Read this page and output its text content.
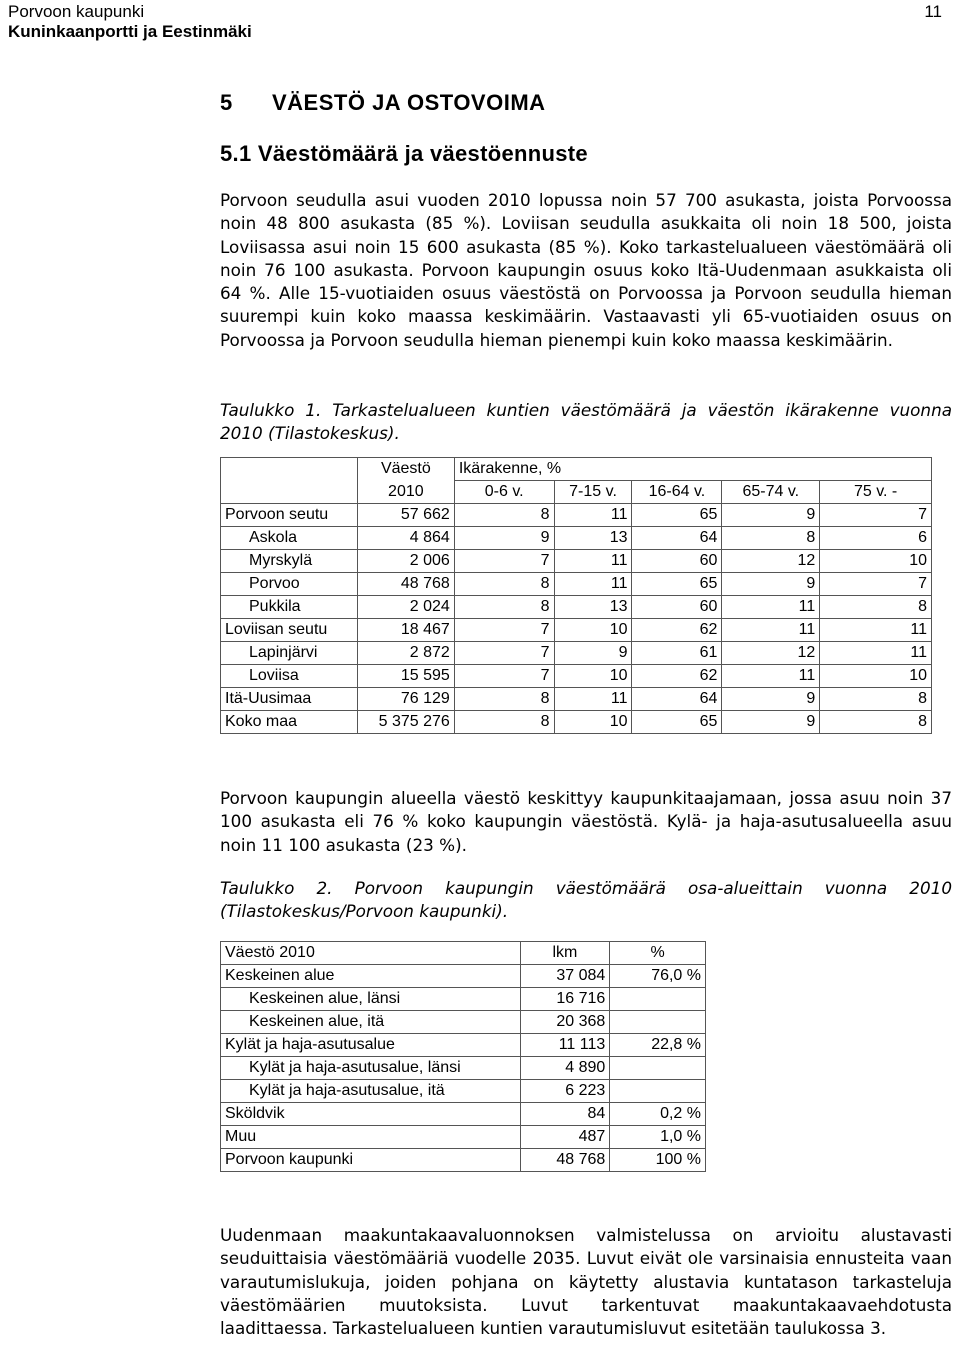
Porvoon kaupunki
Kuninkaanportti ja Eestinmäki
11
5 VÄESTÖ JA OSTOVOIMA
5.1 Väestömäärä ja väestöennuste

Porvoon seudulla asui vuoden 2010 lopussa noin 57 700 asukasta, joista Porvoossa noin 48 800 asukasta (85 %). Loviisan seudulla asukkaita oli noin 18 500, joista Loviisassa asui noin 15 600 asukasta (85 %). Koko tarkastelualueen väestömäärä oli noin 76 100 asukasta. Porvoon kaupungin osuus koko Itä-Uudenmaan asukkaista oli 64 %. Alle 15-vuotiaiden osuus väestöstä on Porvoossa ja Porvoon seudulla hieman suurempi kuin koko maassa keskimäärin. Vastaavasti yli 65-vuotiaiden osuus on Porvoossa ja Porvoon seudulla hieman pienempi kuin koko maassa keskimäärin.

Taulukko 1. Tarkastelualueen kuntien väestömäärä ja väestön ikärakenne vuonna 2010 (Tilastokeskus).

	Väestö	Ikärakenne, %				
	2010	0-6 v.	7-15 v.	16-64 v.	65-74 v.	75 v. -
Porvoon seutu	57 662	8	11	65	9	7
Askola	4 864	9	13	64	8	6
Myrskylä	2 006	7	11	60	12	10
Porvoo	48 768	8	11	65	9	7
Pukkila	2 024	8	13	60	11	8
Loviisan seutu	18 467	7	10	62	11	11
Lapinjärvi	2 872	7	9	61	12	11
Loviisa	15 595	7	10	62	11	10
Itä-Uusimaa	76 129	8	11	64	9	8
Koko maa	5 375 276	8	10	65	9	8

Porvoon kaupungin alueella väestö keskittyy kaupunkitaajamaan, jossa asuu noin 37 100 asukasta eli 76 % koko kaupungin väestöstä. Kylä- ja haja-asutusalueella asuu noin 11 100 asukasta (23 %).

Taulukko 2. Porvoon kaupungin väestömäärä osa-alueittain vuonna 2010 (Tilastokeskus/Porvoon kaupunki).

Väestö 2010	lkm	%
Keskeinen alue	37 084	76,0 %
Keskeinen alue, länsi	16 716	
Keskeinen alue, itä	20 368	
Kylät ja haja-asutusalue	11 113	22,8 %
Kylät ja haja-asutusalue, länsi	4 890	
Kylät ja haja-asutusalue, itä	6 223	
Sköldvik	84	0,2 %
Muu	487	1,0 %
Porvoon kaupunki	48 768	100 %

Uudenmaan maakuntakaavaluonnoksen valmistelussa on arvioitu alustavasti seuduittaisia väestömääriä vuodelle 2035. Luvut eivät ole varsinaisia ennusteita vaan varautumislukuja, joiden pohjana on käytetty alustavia kuntatason tarkasteluja väestömäärien muutoksista. Luvut tarkentuvat maakuntakaavaehdotusta laadittaessa. Tarkastelualueen kuntien varautumisluvut esitetään taulukossa 3.
